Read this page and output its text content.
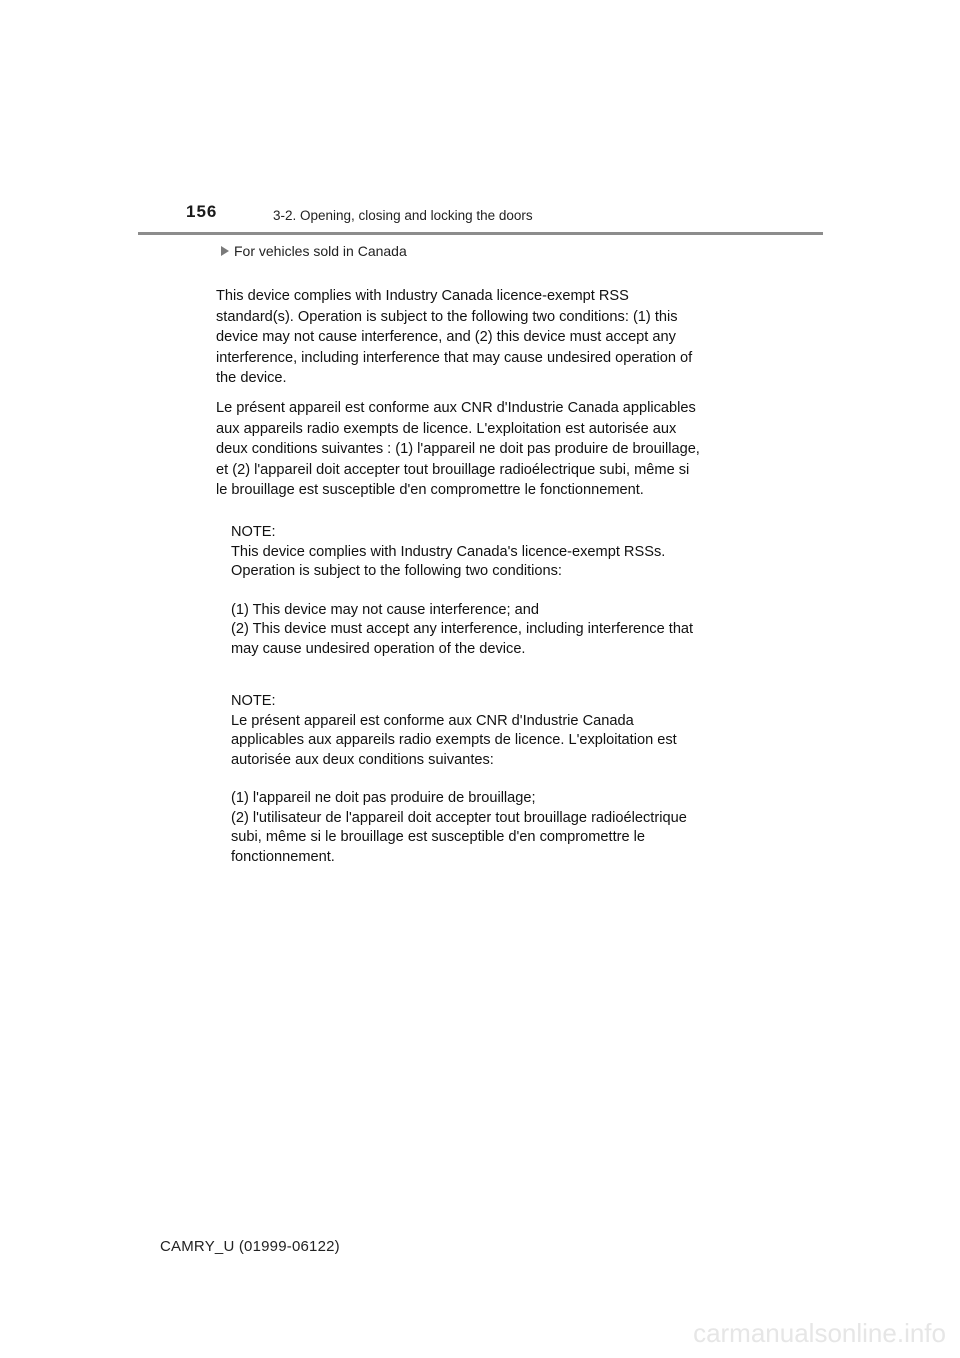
156	3-2. Opening, closing and locking the doors
For vehicles sold in Canada
This device complies with Industry Canada licence-exempt RSS
standard(s). Operation is subject to the following two conditions: (1) this
device may not cause interference, and (2) this device must accept any
interference, including interference that may cause undesired operation of
the device.
Le présent appareil est conforme aux CNR d'Industrie Canada applicables
aux appareils radio exempts de licence. L'exploitation est autorisée aux
deux conditions suivantes : (1) l'appareil ne doit pas produire de brouillage,
et (2) l'appareil doit accepter tout brouillage radioélectrique subi, même si
le brouillage est susceptible d'en compromettre le fonctionnement.

NOTE:

This device complies with Industry Canada's licence-exempt RSSs.

Operation is subject to the following two conditions:

(1) This device may not cause interference; and

(2) This device must accept any interference, including interference that

may cause undesired operation of the device.

NOTE:

Le présent appareil est conforme aux CNR d'Industrie Canada

applicables aux appareils radio exempts de licence. L'exploitation est

autorisée aux deux conditions suivantes:

(1) l'appareil ne doit pas produire de brouillage;

(2) l'utilisateur de l'appareil doit accepter tout brouillage radioélectrique

subi, même si le brouillage est susceptible d'en compromettre le

fonctionnement.

CAMRY_U (01999-06122)
carmanualsonline.info
